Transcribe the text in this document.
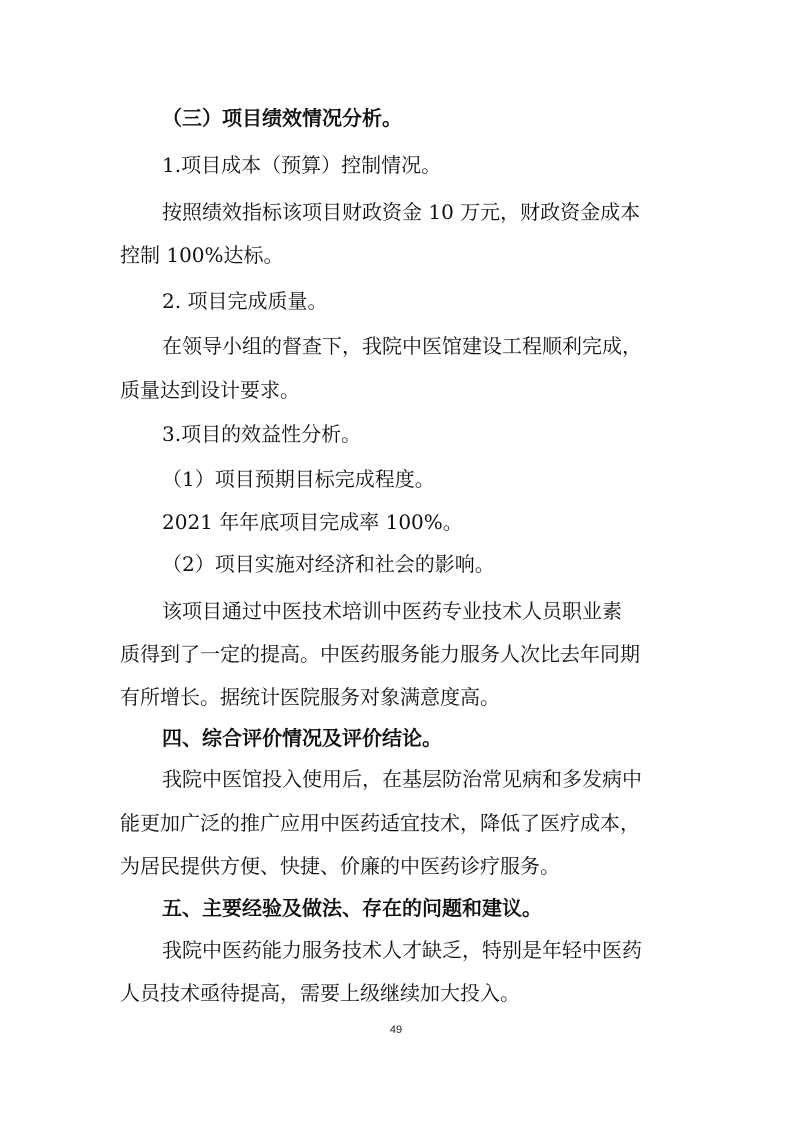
（三）项目绩效情况分析。
1.项目成本（预算）控制情况。
按照绩效指标该项目财政资金 10 万元，财政资金成本
控制 100%达标。
2. 项目完成质量。
在领导小组的督查下，我院中医馆建设工程顺利完成，
质量达到设计要求。
3.项目的效益性分析。
（1）项目预期目标完成程度。
2021 年年底项目完成率 100%。
（2）项目实施对经济和社会的影响。
该项目通过中医技术培训中医药专业技术人员职业素
质得到了一定的提高。中医药服务能力服务人次比去年同期
有所增长。据统计医院服务对象满意度高。
四、综合评价情况及评价结论。
我院中医馆投入使用后，在基层防治常见病和多发病中
能更加广泛的推广应用中医药适宜技术，降低了医疗成本，
为居民提供方便、快捷、价廉的中医药诊疗服务。
五、主要经验及做法、存在的问题和建议。
我院中医药能力服务技术人才缺乏，特别是年轻中医药
人员技术亟待提高，需要上级继续加大投入。
49
